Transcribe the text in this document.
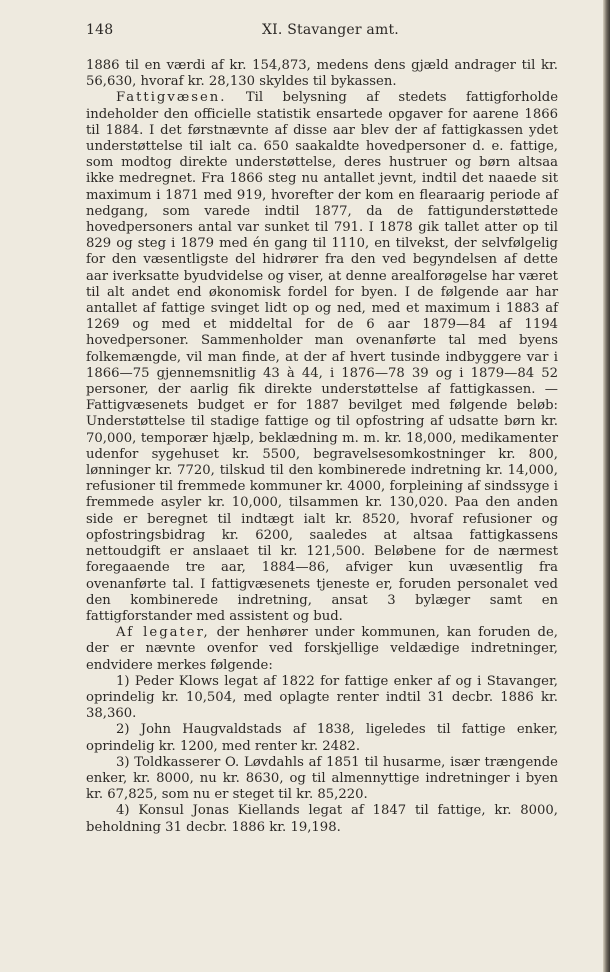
148	XI. Stavanger amt.

1886 til en værdi af kr. 154,873, medens dens gjæld andrager til kr. 56,630, hvoraf kr. 28,130 skyldes til bykassen.

Fattigvæsen. Til belysning af stedets fattigforholde indeholder den officielle statistik ensartede opgaver for aarene 1866 til 1884. I det førstnævnte af disse aar blev der af fattigkassen ydet understøttelse til ialt ca. 650 saakaldte hovedpersoner d. e. fattige, som modtog direkte understøttelse, deres hustruer og børn altsaa ikke medregnet. Fra 1866 steg nu antallet jevnt, indtil det naaede sit maximum i 1871 med 919, hvorefter der kom en flearaarig periode af nedgang, som varede indtil 1877, da de fattigunderstøttede hovedpersoners antal var sunket til 791. I 1878 gik tallet atter op til 829 og steg i 1879 med én gang til 1110, en tilvekst, der selvfølgelig for den væsentligste del hidrører fra den ved begyndelsen af dette aar iverksatte byudvidelse og viser, at denne arealforøgelse har været til alt andet end økonomisk fordel for byen. I de følgende aar har antallet af fattige svinget lidt op og ned, med et maximum i 1883 af 1269 og med et middeltal for de 6 aar 1879—84 af 1194 hovedpersoner. Sammenholder man ovenanførte tal med byens folkemængde, vil man finde, at der af hvert tusinde indbyggere var i 1866—75 gjennemsnitlig 43 à 44, i 1876—78 39 og i 1879—84 52 personer, der aarlig fik direkte understøttelse af fattigkassen. — Fattigvæsenets budget er for 1887 bevilget med følgende beløb: Understøttelse til stadige fattige og til opfostring af udsatte børn kr. 70,000, temporær hjælp, beklædning m. m. kr. 18,000, medikamenter udenfor sygehuset kr. 5500, begravelsesomkostninger kr. 800, lønninger kr. 7720, tilskud til den kombinerede indretning kr. 14,000, refusioner til fremmede kommuner kr. 4000, forpleining af sindssyge i fremmede asyler kr. 10,000, tilsammen kr. 130,020. Paa den anden side er beregnet til indtægt ialt kr. 8520, hvoraf refusioner og opfostringsbidrag kr. 6200, saaledes at altsaa fattigkassens nettoudgift er anslaaet til kr. 121,500. Beløbene for de nærmest foregaaende tre aar, 1884—86, afviger kun uvæsentlig fra ovenanførte tal. I fattigvæsenets tjeneste er, foruden personalet ved den kombinerede indretning, ansat 3 bylæger samt en fattigforstander med assistent og bud.

Af legater, der henhører under kommunen, kan foruden de, der er nævnte ovenfor ved forskjellige veldædige indretninger, endvidere merkes følgende:

1) Peder Klows legat af 1822 for fattige enker af og i Stavanger, oprindelig kr. 10,504, med oplagte renter indtil 31 decbr. 1886 kr. 38,360.

2) John Haugvaldstads af 1838, ligeledes til fattige enker, oprindelig kr. 1200, med renter kr. 2482.

3) Toldkasserer O. Løvdahls af 1851 til husarme, især trængende enker, kr. 8000, nu kr. 8630, og til almennyttige indretninger i byen kr. 67,825, som nu er steget til kr. 85,220.

4) Konsul Jonas Kiellands legat af 1847 til fattige, kr. 8000, beholdning 31 decbr. 1886 kr. 19,198.
